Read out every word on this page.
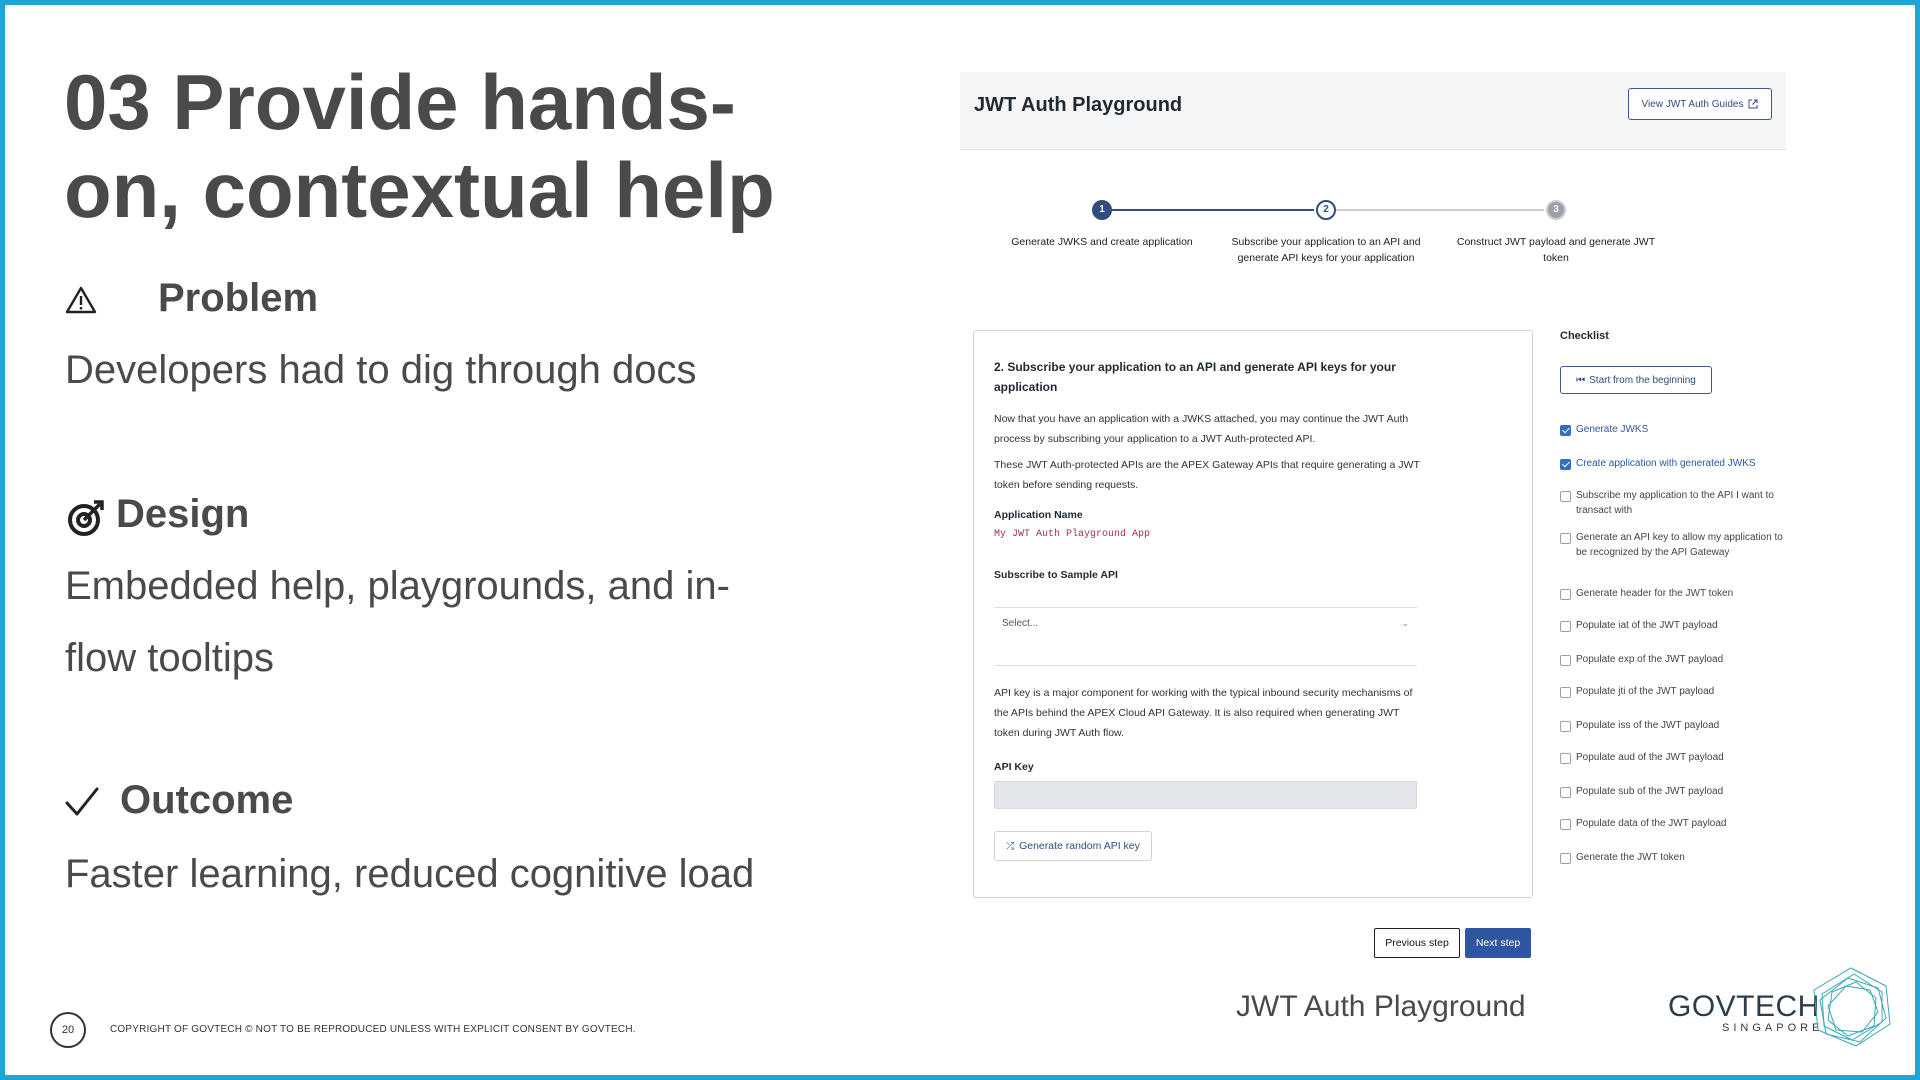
03 Provide hands-on, contextual help
Problem
Developers had to dig through docs
Design
Embedded help, playgrounds, and in-flow tooltips
Outcome
Faster learning, reduced cognitive load
20	COPYRIGHT OF GOVTECH © NOT TO BE REPRODUCED UNLESS WITH EXPLICIT CONSENT BY GOVTECH.
JWT Auth Playground	GOVTECH
SINGAPORE
JWT Auth Playground	View JWT Auth Guides
1	2	3
Generate JWKS and create application	Subscribe your application to an API and generate API keys for your application
Construct JWT payload and generate JWT token
2. Subscribe your application to an API and generate API keys for your application
Now that you have an application with a JWKS attached, you may continue the JWT Auth process by subscribing your application to a JWT Auth-protected API.
These JWT Auth-protected APIs are the APEX Gateway APIs that require generating a JWT token before sending requests.
Application Name
My JWT Auth Playground App
Subscribe to Sample API
Select...	⌄
API key is a major component for working with the typical inbound security mechanisms of the APIs behind the APEX Cloud API Gateway. It is also required when generating JWT token during JWT Auth flow.
API Key
⤮ Generate random API key
Previous step	Next step
Checklist
⏮ Start from the beginning
Generate JWKS
Create application with generated JWKS
Subscribe my application to the API I want to transact with
Generate an API key to allow my application to be recognized by the API Gateway
Generate header for the JWT token
Populate iat of the JWT payload
Populate exp of the JWT payload
Populate jti of the JWT payload
Populate iss of the JWT payload
Populate aud of the JWT payload
Populate sub of the JWT payload
Populate data of the JWT payload
Generate the JWT token
